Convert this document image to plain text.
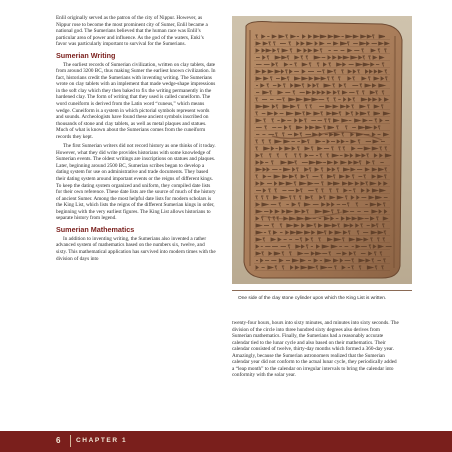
Enlil originally served as the patron of the city of Nippur. However, as Nippur rose to become the most prominent city of Sumer, Enlil became a national god. The Sumerians believed that the human race was Enlil’s particular area of power and influence. As the god of the waters, Enki’s favor was particularly important to survival for the Sumerians.

Sumerian Writing

The earliest records of Sumerian civilization, written on clay tablets, date from around 3200 BC, thus making Sumer the earliest known civilization. In fact, historians credit the Sumerians with inventing writing. The Sumerians wrote on clay tablets with an implement that made wedge-shape impressions in the soft clay which they then baked to fix the writing permanently in the hardened clay. The form of writing that they used is called cuneiform. The word cuneiform is derived from the Latin word “cuneus,” which means wedge. Cuneiform is a system in which pictorial symbols represent words and sounds. Archeologists have found these ancient symbols inscribed on thousands of stone and clay tablets, as well as metal plaques and statues. Much of what is known about the Sumerians comes from the cuneiform records they kept.

The first Sumerian writers did not record history as one thinks of it today. However, what they did write provides historians with some knowledge of Sumerian events. The oldest writings are inscriptions on statues and plaques. Later, beginning around 2500 BC, Sumerian scribes began to develop a dating system for use on administrative and trade documents. They based their dating system around important events or the reigns of different kings. To keep the dating system organized and uniform, they compiled date lists for their own reference. These date lists are the source of much of the history of ancient Sumer. Among the most helpful date lists for modern scholars is the King List, which lists the reigns of the different Sumerian kings in order, beginning with the very earliest figures. The King List allows historians to separate history from legend.

Sumerian Mathematics

In addition to inventing writing, the Sumerians also invented a rather advanced system of mathematics based on the numbers six, twelve, and sixty. This mathematical application has survived into modern times with the division of days into

One side of the clay stone cylinder upon which the King List is written.

twenty-four hours, hours into sixty minutes, and minutes into sixty seconds. The division of the circle into three hundred sixty degrees also derives from Sumerian mathematics. Finally, the Sumerians had a reasonably accurate calendar tied to the lunar cycle and also based on their mathematics. Their calendar consisted of twelve, thirty-day months which formed a 360-day year. Amazingly, because the Sumerian astronomers realized that the Sumerian calendar year did not conform to the actual lunar cycle, they periodically added a “leap month” to the calendar on irregular intervals to bring the calendar into conformity with the solar year.

6 CHAPTER 1
